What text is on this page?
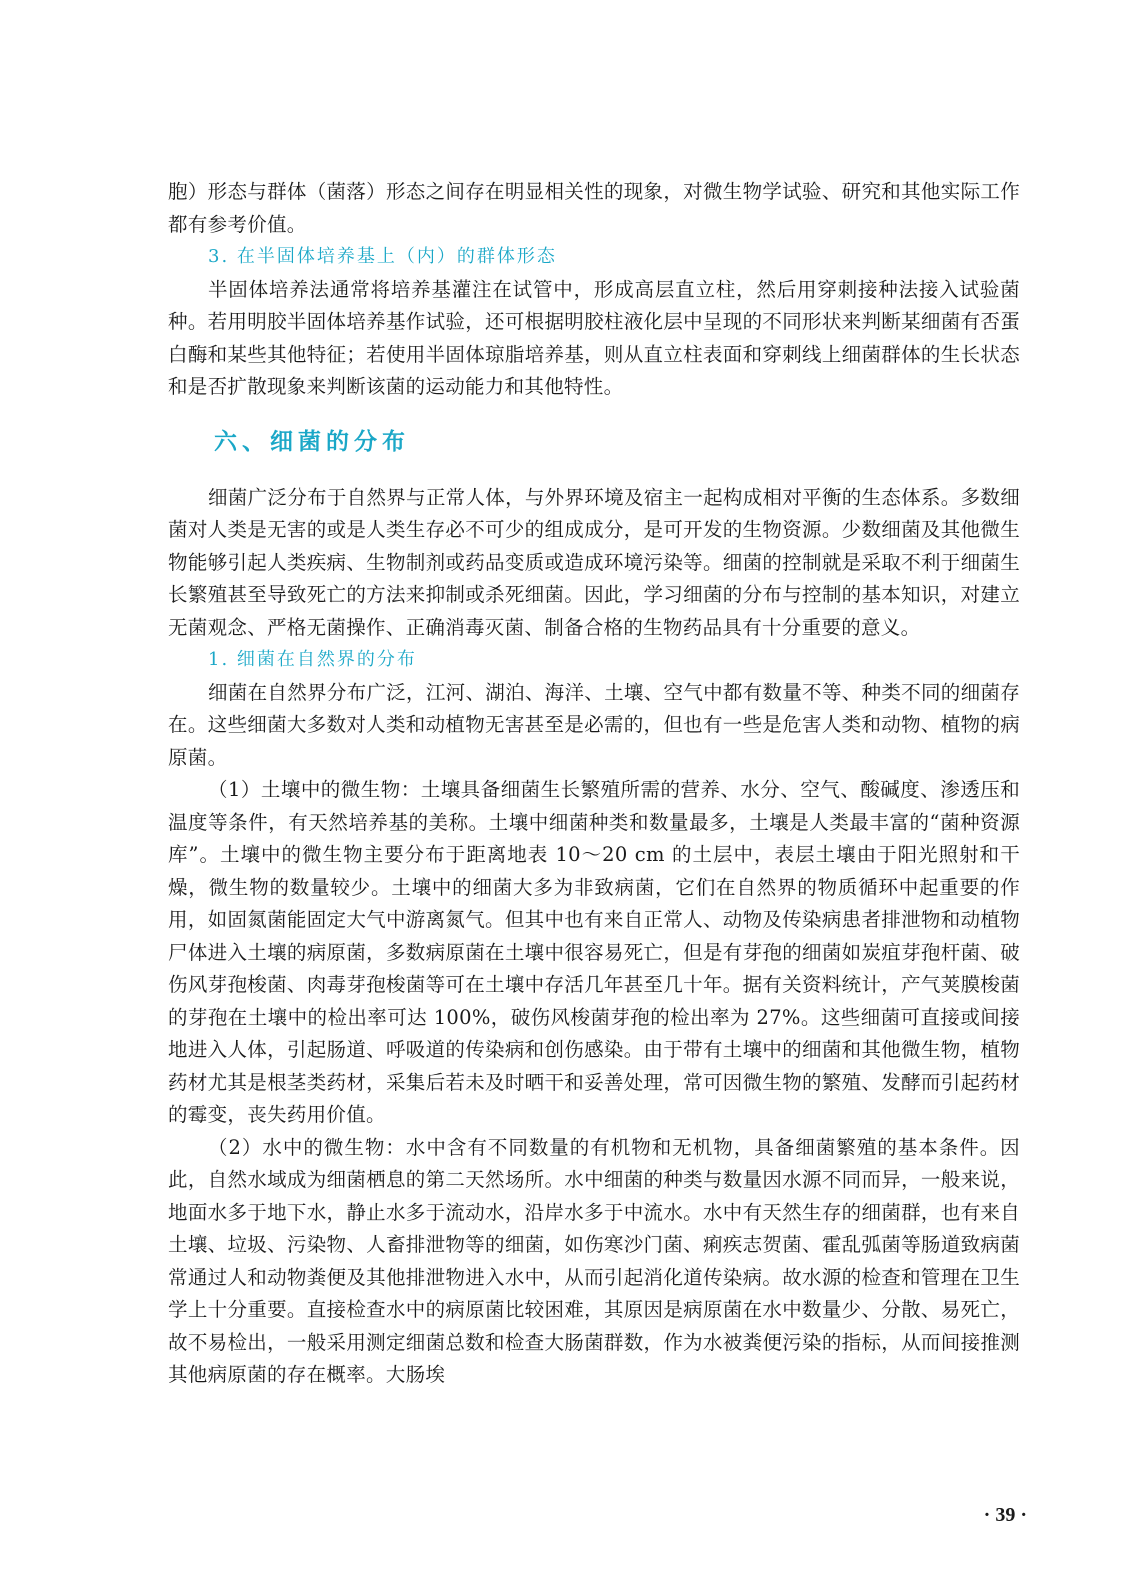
胞）形态与群体（菌落）形态之间存在明显相关性的现象，对微生物学试验、研究和其他实际工作都有参考价值。

3. 在半固体培养基上（内）的群体形态

半固体培养法通常将培养基灌注在试管中，形成高层直立柱，然后用穿刺接种法接入试验菌种。若用明胶半固体培养基作试验，还可根据明胶柱液化层中呈现的不同形状来判断某细菌有否蛋白酶和某些其他特征；若使用半固体琼脂培养基，则从直立柱表面和穿刺线上细菌群体的生长状态和是否扩散现象来判断该菌的运动能力和其他特性。

六、细菌的分布

细菌广泛分布于自然界与正常人体，与外界环境及宿主一起构成相对平衡的生态体系。多数细菌对人类是无害的或是人类生存必不可少的组成成分，是可开发的生物资源。少数细菌及其他微生物能够引起人类疾病、生物制剂或药品变质或造成环境污染等。细菌的控制就是采取不利于细菌生长繁殖甚至导致死亡的方法来抑制或杀死细菌。因此，学习细菌的分布与控制的基本知识，对建立无菌观念、严格无菌操作、正确消毒灭菌、制备合格的生物药品具有十分重要的意义。

1. 细菌在自然界的分布

细菌在自然界分布广泛，江河、湖泊、海洋、土壤、空气中都有数量不等、种类不同的细菌存在。这些细菌大多数对人类和动植物无害甚至是必需的，但也有一些是危害人类和动物、植物的病原菌。

（1）土壤中的微生物：土壤具备细菌生长繁殖所需的营养、水分、空气、酸碱度、渗透压和温度等条件，有天然培养基的美称。土壤中细菌种类和数量最多，土壤是人类最丰富的“菌种资源库”。土壤中的微生物主要分布于距离地表 10～20 cm 的土层中，表层土壤由于阳光照射和干燥，微生物的数量较少。土壤中的细菌大多为非致病菌，它们在自然界的物质循环中起重要的作用，如固氮菌能固定大气中游离氮气。但其中也有来自正常人、动物及传染病患者排泄物和动植物尸体进入土壤的病原菌，多数病原菌在土壤中很容易死亡，但是有芽孢的细菌如炭疽芽孢杆菌、破伤风芽孢梭菌、肉毒芽孢梭菌等可在土壤中存活几年甚至几十年。据有关资料统计，产气荚膜梭菌的芽孢在土壤中的检出率可达 100%，破伤风梭菌芽孢的检出率为 27%。这些细菌可直接或间接地进入人体，引起肠道、呼吸道的传染病和创伤感染。由于带有土壤中的细菌和其他微生物，植物药材尤其是根茎类药材，采集后若未及时晒干和妥善处理，常可因微生物的繁殖、发酵而引起药材的霉变，丧失药用价值。

（2）水中的微生物：水中含有不同数量的有机物和无机物，具备细菌繁殖的基本条件。因此，自然水域成为细菌栖息的第二天然场所。水中细菌的种类与数量因水源不同而异，一般来说，地面水多于地下水，静止水多于流动水，沿岸水多于中流水。水中有天然生存的细菌群，也有来自土壤、垃圾、污染物、人畜排泄物等的细菌，如伤寒沙门菌、痢疾志贺菌、霍乱弧菌等肠道致病菌常通过人和动物粪便及其他排泄物进入水中，从而引起消化道传染病。故水源的检查和管理在卫生学上十分重要。直接检查水中的病原菌比较困难，其原因是病原菌在水中数量少、分散、易死亡，故不易检出，一般采用测定细菌总数和检查大肠菌群数，作为水被粪便污染的指标，从而间接推测其他病原菌的存在概率。大肠埃

· 39 ·
